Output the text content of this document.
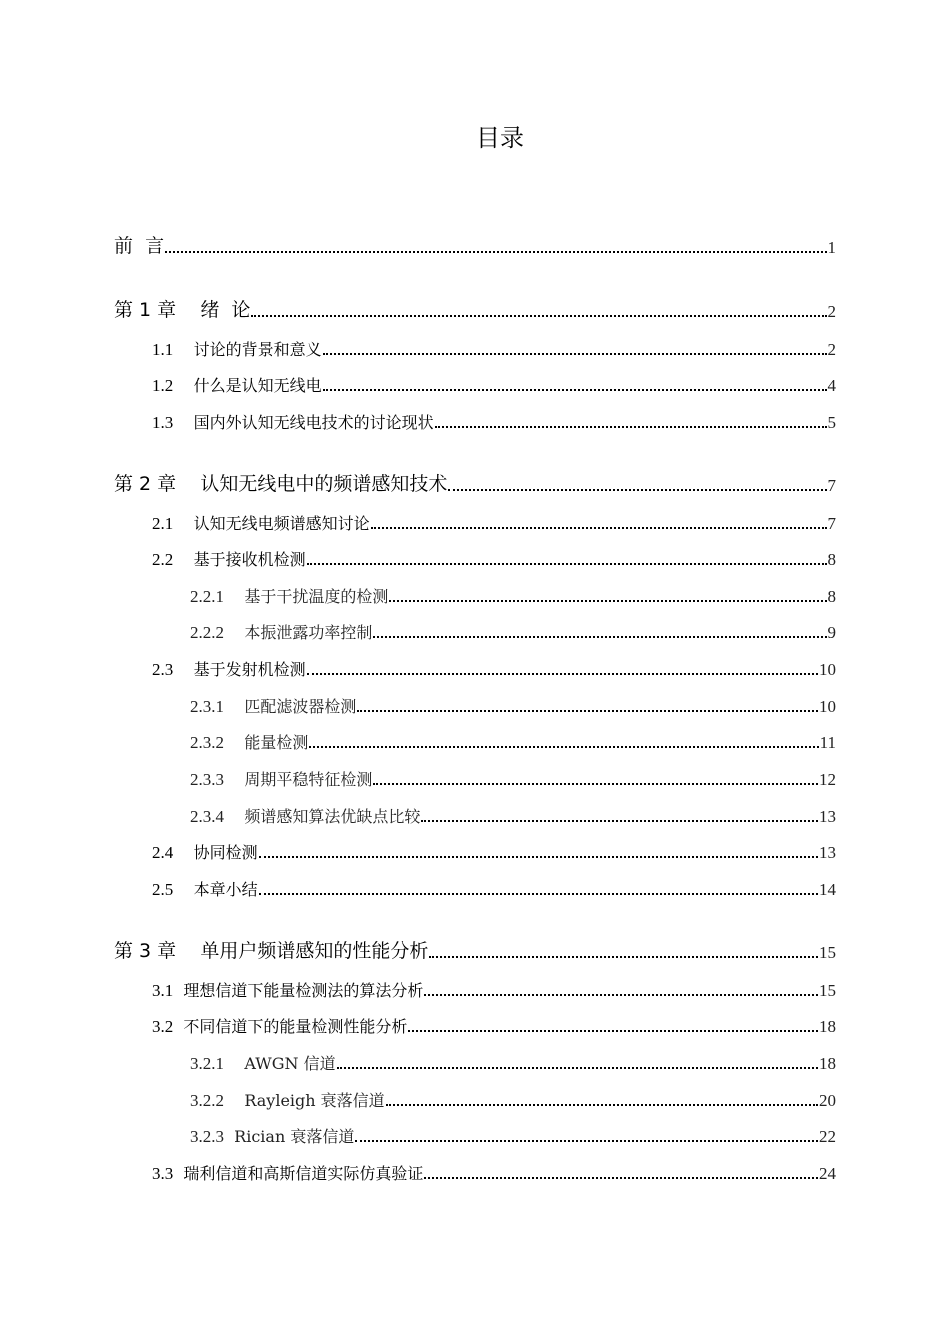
目录
前  言	1
第 1 章 绪  论	2
1.1 讨论的背景和意义	2
1.2 什么是认知无线电	4
1.3 国内外认知无线电技术的讨论现状	5
第 2 章 认知无线电中的频谱感知技术	7
2.1 认知无线电频谱感知讨论	7
2.2 基于接收机检测	8
2.2.1 基于干扰温度的检测	8
2.2.2 本振泄露功率控制	9
2.3 基于发射机检测	10
2.3.1 匹配滤波器检测	10
2.3.2 能量检测	11
2.3.3 周期平稳特征检测	12
2.3.4 频谱感知算法优缺点比较	13
2.4 协同检测	13
2.5 本章小结	14
第 3 章 单用户频谱感知的性能分析	15
3.1 理想信道下能量检测法的算法分析	15
3.2 不同信道下的能量检测性能分析	18
3.2.1 AWGN 信道	18
3.2.2 Rayleigh 衰落信道	20
3.2.3 Rician 衰落信道	22
3.3 瑞利信道和高斯信道实际仿真验证	24
